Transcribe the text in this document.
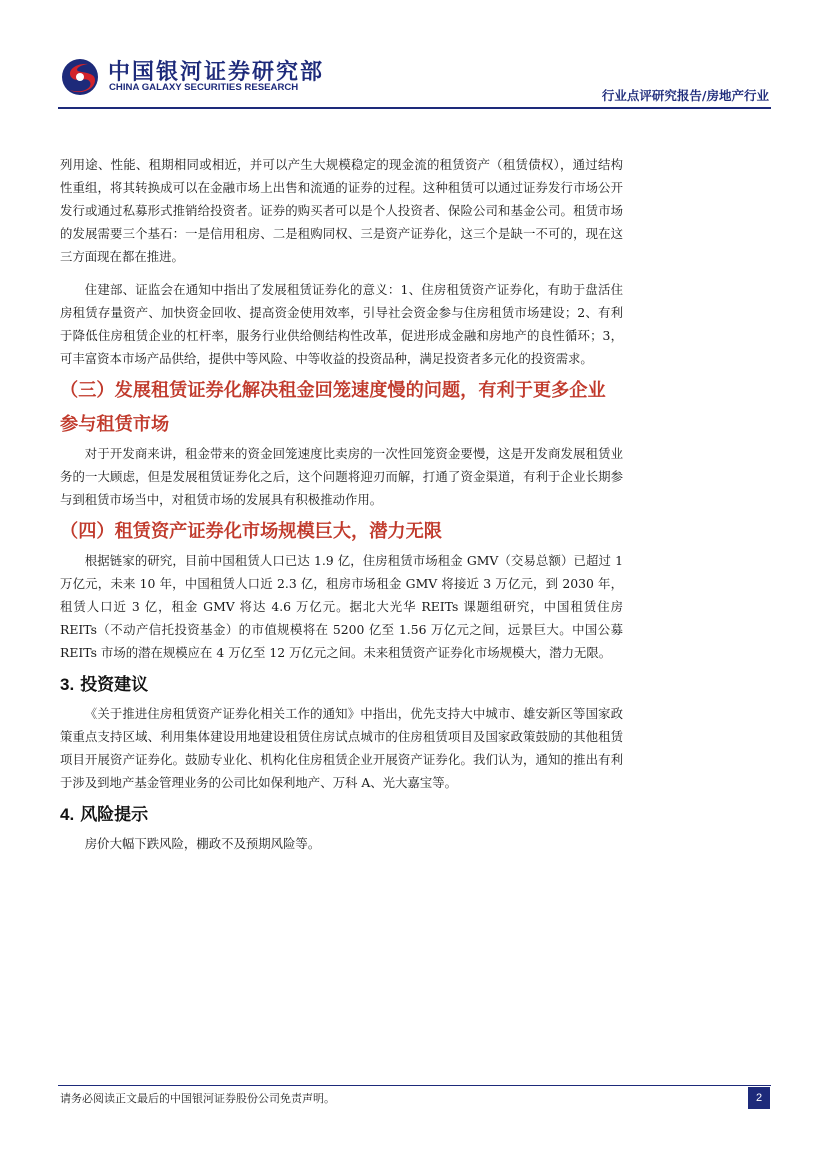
中国银河证券研究部
CHINA GALAXY SECURITIES RESEARCH
行业点评研究报告/房地产行业

列用途、性能、租期相同或相近，并可以产生大规模稳定的现金流的租赁资产（租赁债权），通过结构性重组，将其转换成可以在金融市场上出售和流通的证券的过程。这种租赁可以通过证券发行市场公开发行或通过私募形式推销给投资者。证券的购买者可以是个人投资者、保险公司和基金公司。租赁市场的发展需要三个基石：一是信用租房、二是租购同权、三是资产证券化，这三个是缺一不可的，现在这三方面现在都在推进。

住建部、证监会在通知中指出了发展租赁证券化的意义：1、住房租赁资产证券化，有助于盘活住房租赁存量资产、加快资金回收、提高资金使用效率，引导社会资金参与住房租赁市场建设；2、有利于降低住房租赁企业的杠杆率，服务行业供给侧结构性改革，促进形成金融和房地产的良性循环；3，可丰富资本市场产品供给，提供中等风险、中等收益的投资品种，满足投资者多元化的投资需求。

（三）发展租赁证券化解决租金回笼速度慢的问题，有利于更多企业参与租赁市场

对于开发商来讲，租金带来的资金回笼速度比卖房的一次性回笼资金要慢，这是开发商发展租赁业务的一大顾虑，但是发展租赁证券化之后，这个问题将迎刃而解，打通了资金渠道，有利于企业长期参与到租赁市场当中，对租赁市场的发展具有积极推动作用。

（四）租赁资产证券化市场规模巨大，潜力无限

根据链家的研究，目前中国租赁人口已达 1.9 亿，住房租赁市场租金 GMV（交易总额）已超过 1 万亿元，未来 10 年，中国租赁人口近 2.3 亿，租房市场租金 GMV 将接近 3 万亿元，到 2030 年，租赁人口近 3 亿，租金 GMV 将达 4.6 万亿元。据北大光华 REITs 课题组研究，中国租赁住房 REITs（不动产信托投资基金）的市值规模将在 5200 亿至 1.56 万亿元之间，远景巨大。中国公募 REITs 市场的潜在规模应在 4 万亿至 12 万亿元之间。未来租赁资产证券化市场规模大，潜力无限。

3. 投资建议

《关于推进住房租赁资产证券化相关工作的通知》中指出，优先支持大中城市、雄安新区等国家政策重点支持区域、利用集体建设用地建设租赁住房试点城市的住房租赁项目及国家政策鼓励的其他租赁项目开展资产证券化。鼓励专业化、机构化住房租赁企业开展资产证券化。我们认为，通知的推出有利于涉及到地产基金管理业务的公司比如保利地产、万科 A、光大嘉宝等。

4. 风险提示

房价大幅下跌风险，棚政不及预期风险等。

请务必阅读正文最后的中国银河证券股份公司免责声明。	2
